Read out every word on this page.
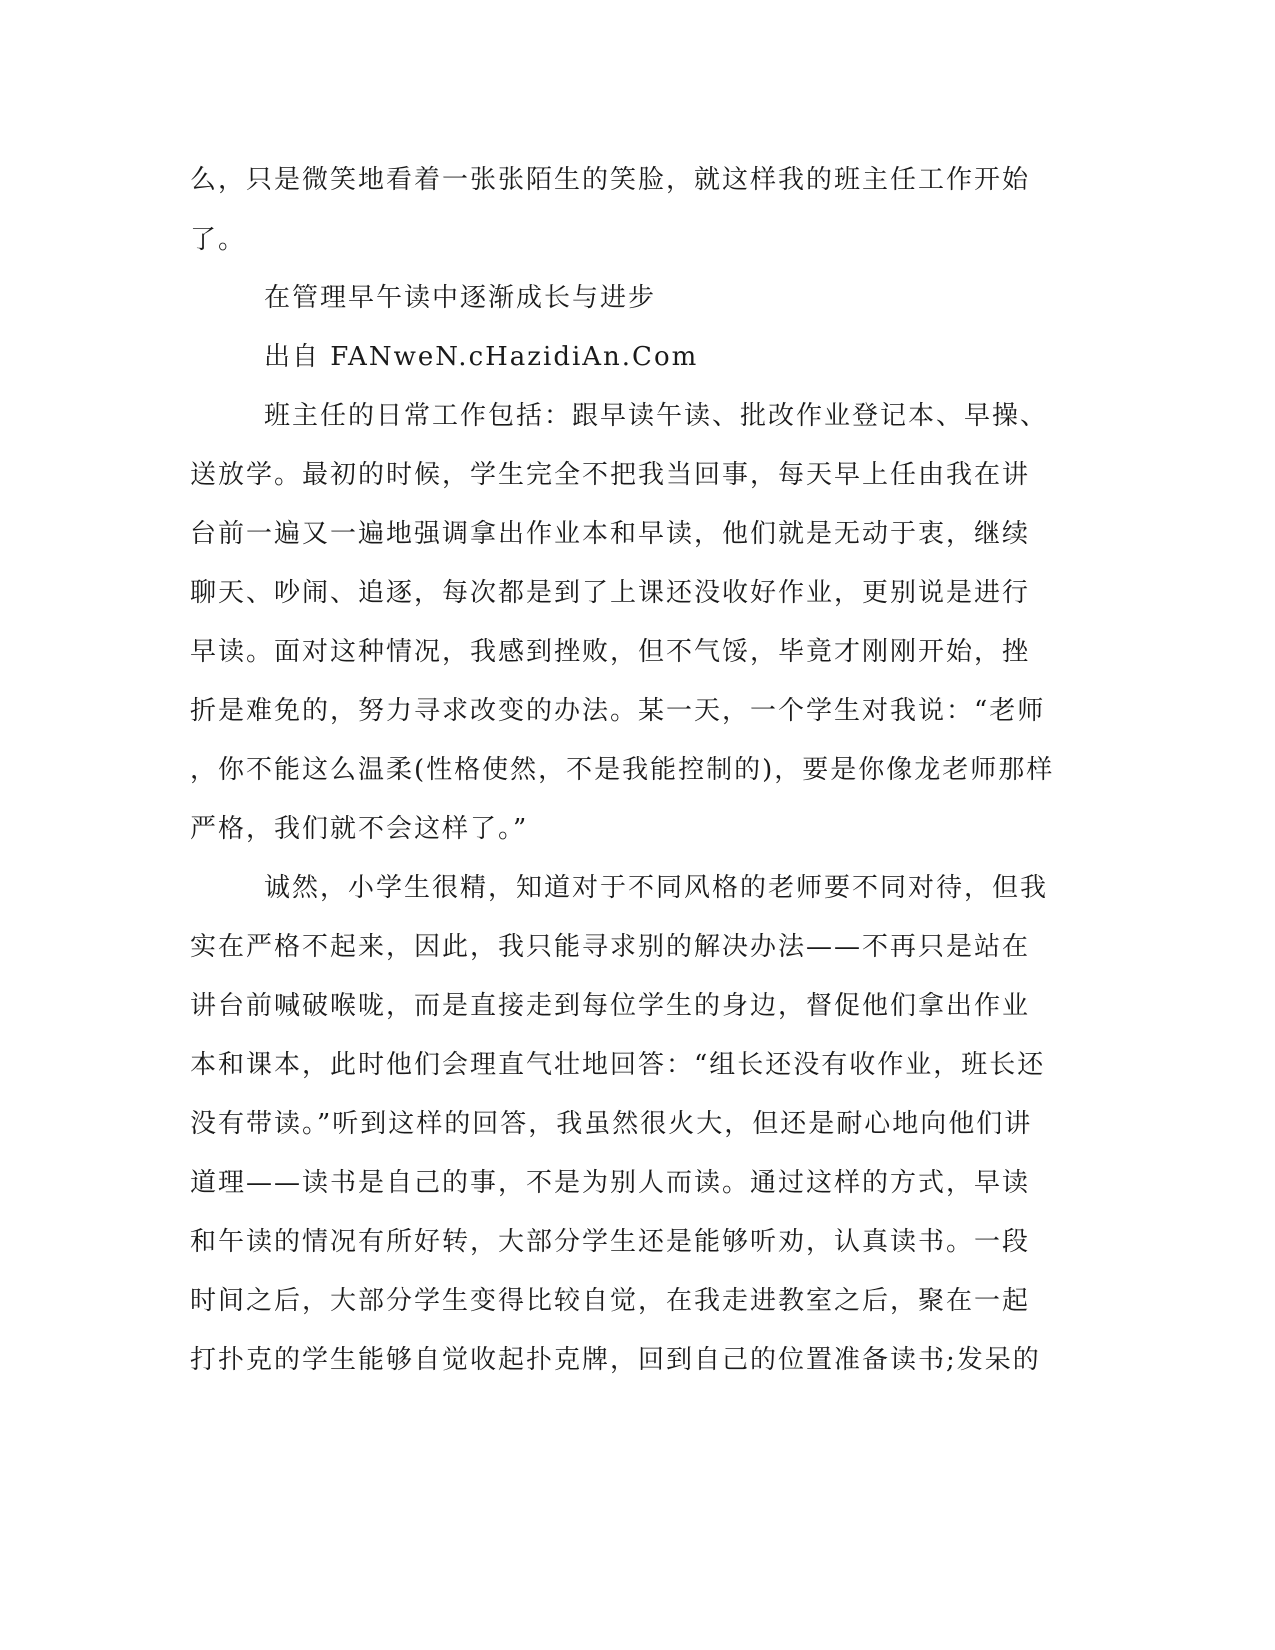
么，只是微笑地看着一张张陌生的笑脸，就这样我的班主任工作开始

了。

在管理早午读中逐渐成长与进步

出自 FANweN.cHazidiAn.Com

班主任的日常工作包括：跟早读午读、批改作业登记本、早操、

送放学。最初的时候，学生完全不把我当回事，每天早上任由我在讲

台前一遍又一遍地强调拿出作业本和早读，他们就是无动于衷，继续

聊天、吵闹、追逐，每次都是到了上课还没收好作业，更别说是进行

早读。面对这种情况，我感到挫败，但不气馁，毕竟才刚刚开始，挫

折是难免的，努力寻求改变的办法。某一天，一个学生对我说：“老师

，你不能这么温柔(性格使然，不是我能控制的)，要是你像龙老师那样

严格，我们就不会这样了。”

诚然，小学生很精，知道对于不同风格的老师要不同对待，但我

实在严格不起来，因此，我只能寻求别的解决办法——不再只是站在

讲台前喊破喉咙，而是直接走到每位学生的身边，督促他们拿出作业

本和课本，此时他们会理直气壮地回答：“组长还没有收作业，班长还

没有带读。”听到这样的回答，我虽然很火大，但还是耐心地向他们讲

道理——读书是自己的事，不是为别人而读。通过这样的方式，早读

和午读的情况有所好转，大部分学生还是能够听劝，认真读书。一段

时间之后，大部分学生变得比较自觉，在我走进教室之后，聚在一起

打扑克的学生能够自觉收起扑克牌，回到自己的位置准备读书;发呆的
